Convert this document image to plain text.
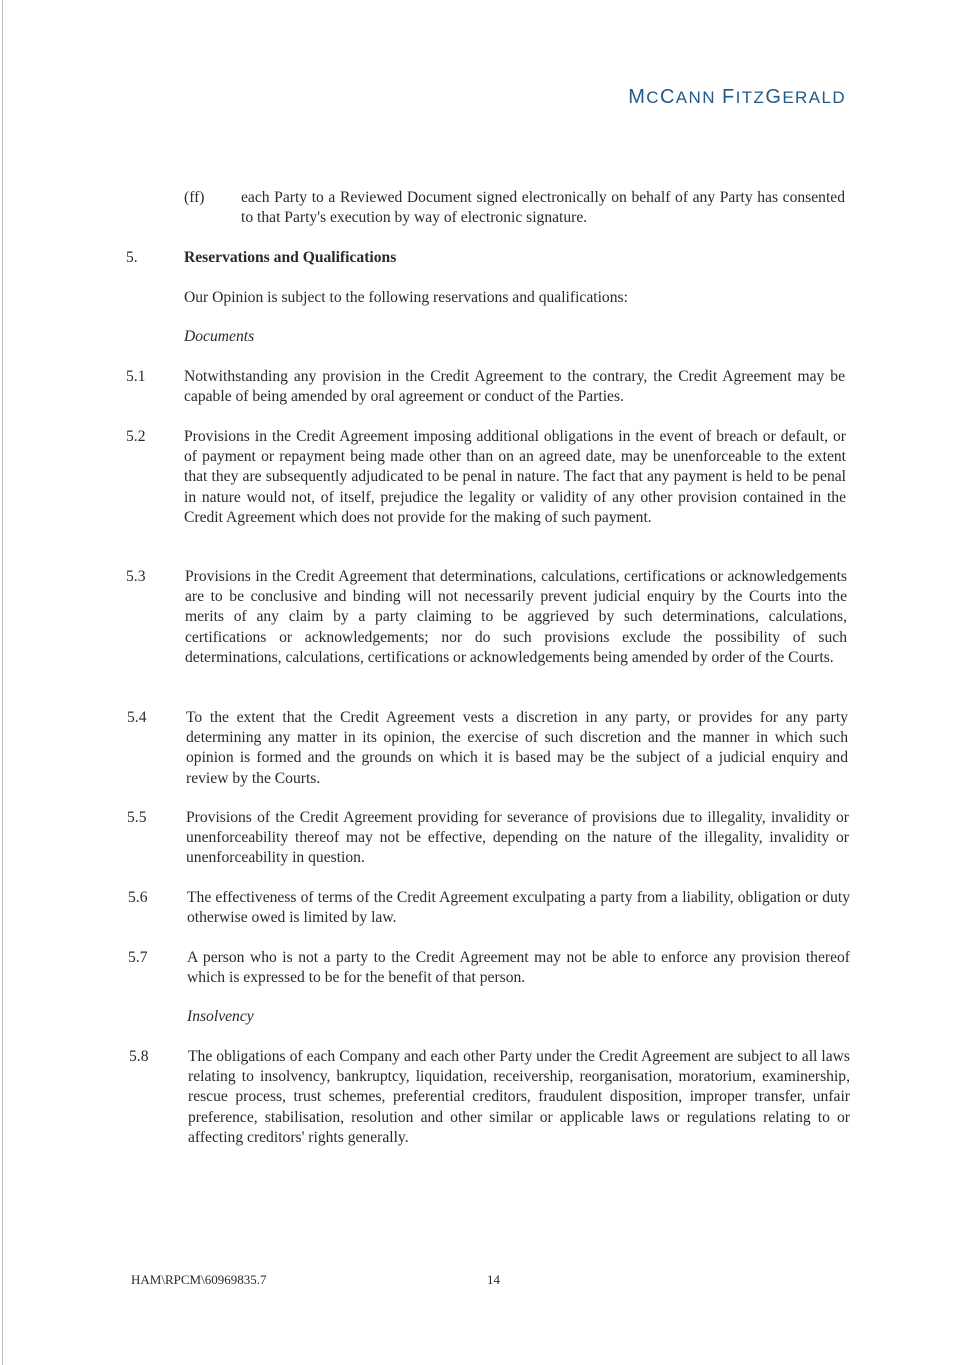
MCCANN FITZGERALD

(ff) each Party to a Reviewed Document signed electronically on behalf of any Party has consented to that Party's execution by way of electronic signature.

5.	Reservations and Qualifications

Our Opinion is subject to the following reservations and qualifications:

Documents

5.1 Notwithstanding any provision in the Credit Agreement to the contrary, the Credit Agreement may be capable of being amended by oral agreement or conduct of the Parties.

5.2 Provisions in the Credit Agreement imposing additional obligations in the event of breach or default, or of payment or repayment being made other than on an agreed date, may be unenforceable to the extent that they are subsequently adjudicated to be penal in nature. The fact that any payment is held to be penal in nature would not, of itself, prejudice the legality or validity of any other provision contained in the Credit Agreement which does not provide for the making of such payment.

5.3	Provisions in the Credit Agreement that determinations, calculations, certifications or acknowledgements are to be conclusive and binding will not necessarily prevent judicial enquiry by the Courts into the merits of any claim by a party claiming to be aggrieved by such determinations, calculations, certifications or acknowledgements; nor do such provisions exclude the possibility of such determinations, calculations, certifications or acknowledgements being amended by order of the Courts.

5.4	To the extent that the Credit Agreement vests a discretion in any party, or provides for any party determining any matter in its opinion, the exercise of such discretion and the manner in which such opinion is formed and the grounds on which it is based may be the subject of a judicial enquiry and review by the Courts.

5.5	Provisions of the Credit Agreement providing for severance of provisions due to illegality, invalidity or unenforceability thereof may not be effective, depending on the nature of the illegality, invalidity or unenforceability in question.

5.6	The effectiveness of terms of the Credit Agreement exculpating a party from a liability, obligation or duty otherwise owed is limited by law.

5.7	A person who is not a party to the Credit Agreement may not be able to enforce any provision thereof which is expressed to be for the benefit of that person.

Insolvency

5.8	The obligations of each Company and each other Party under the Credit Agreement are subject to all laws relating to insolvency, bankruptcy, liquidation, receivership, reorganisation, moratorium, examinership, rescue process, trust schemes, preferential creditors, fraudulent disposition, improper transfer, unfair preference, stabilisation, resolution and other similar or applicable laws or regulations relating to or affecting creditors' rights generally.

HAM\RPCM\60969835.7	14
